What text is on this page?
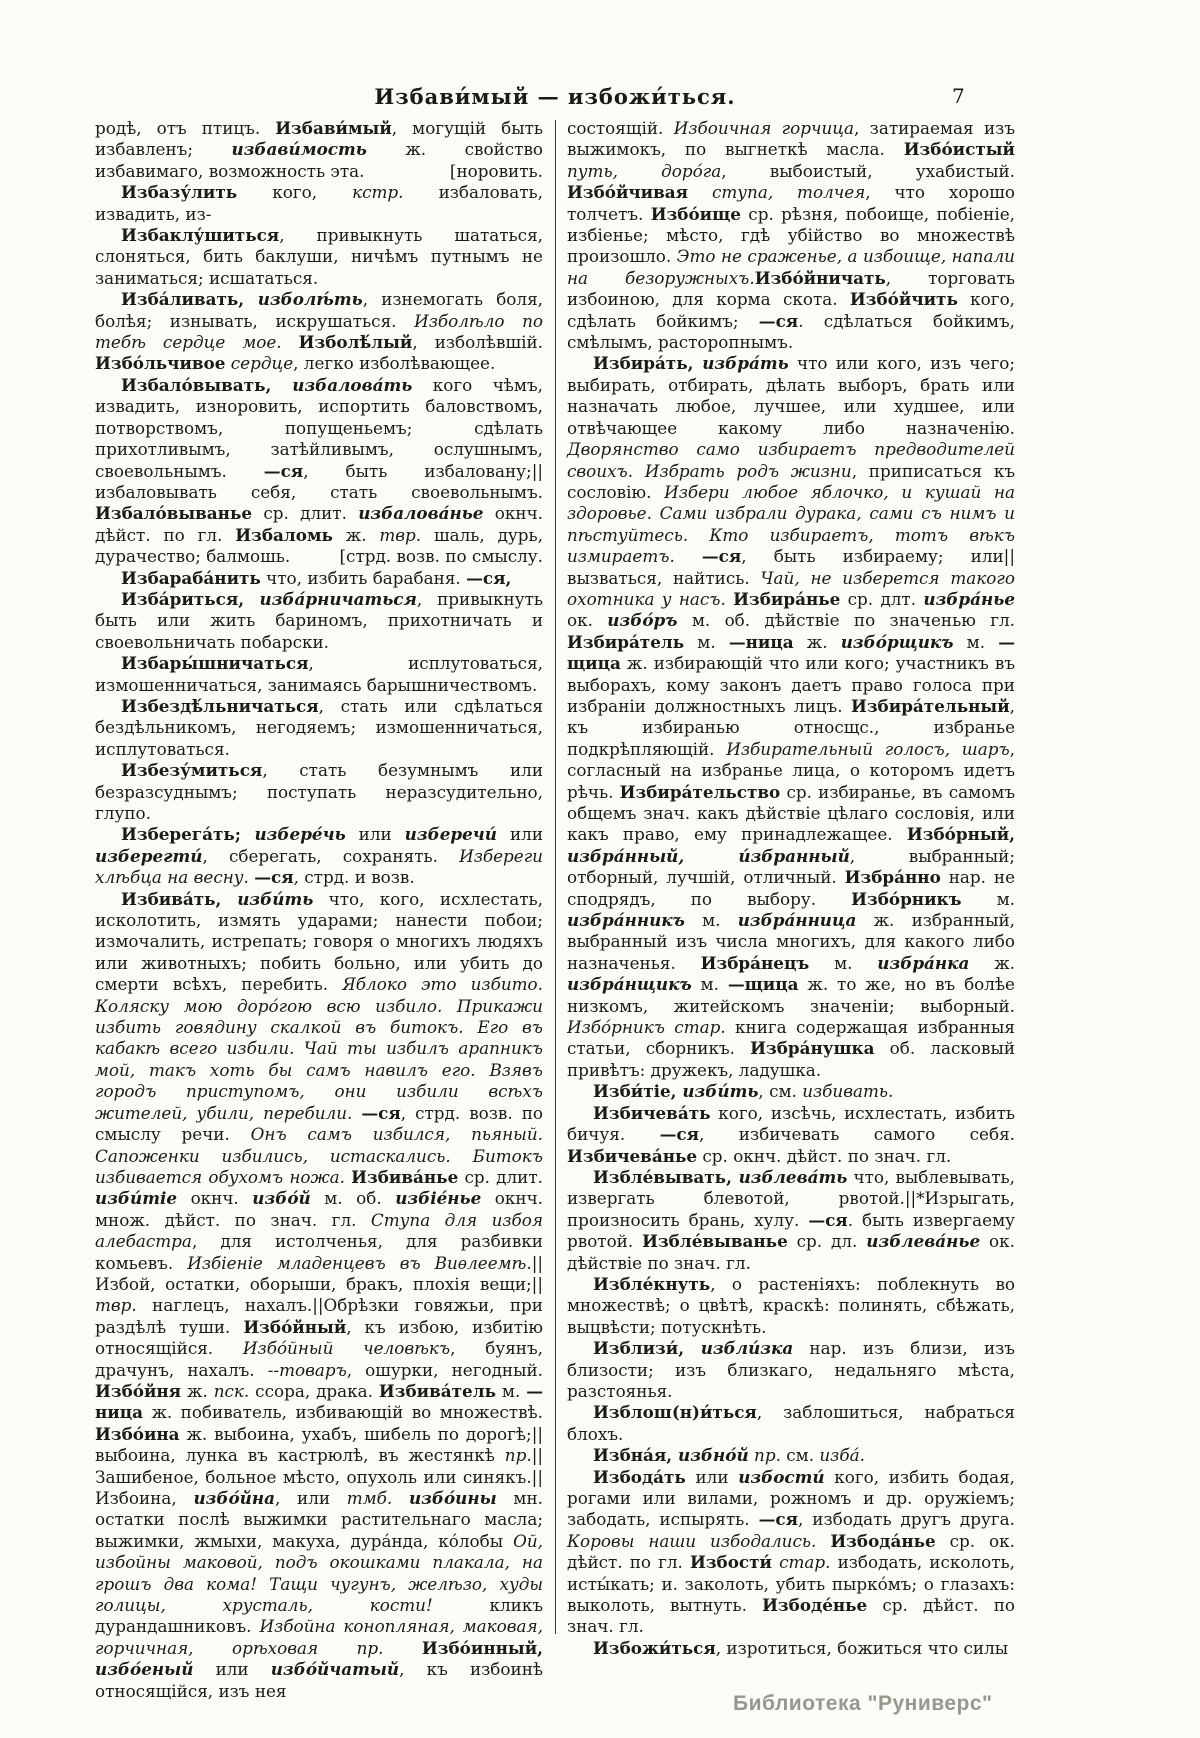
Избави́мый — избожи́ться.	7

родѣ, отъ птицъ. Избави́мый, могущій быть избавленъ; избави́мость ж. свойство избавимаго, возможность эта.	[норовить.

Избазу́лить кого, кстр. избаловать, извадить, из-

Избаклу́шиться, привыкнуть шататься, слоняться, бить баклуши, ничѣмъ путнымъ не заниматься; исшататься.

Изба́ливать, изболѣ́ть, изнемогать боля, болѣя; изнывать, искрушаться. Изболѣло по тебѣ сердце мое. Изболѣ́лый, изболѣвшій. Избо́льчивое сердце, легко изболѣвающее.

Избало́вывать, избалова́ть кого чѣмъ, извадить, изноровить, испортить баловствомъ, потворствомъ, попущеньемъ; сдѣлать прихотливымъ, затѣйливымъ, ослушнымъ, своевольнымъ. —ся, быть избаловану;||избаловывать себя, стать своевольнымъ. Избало́выванье ср. длит. избалова́нье окнч. дѣйст. по гл. Избаломь ж. твр. шаль, дурь, дурачество; балмошь.	[стрд. возв. по смыслу.

Избараба́нить что, избить барабаня. —ся,

Изба́риться, изба́рничаться, привыкнуть быть или жить бариномъ, прихотничать и своевольничать побарски.

Избары́шничаться, исплутоваться, измошенничаться, занимаясь барышничествомъ.

Избездѣ́льничаться, стать или сдѣлаться бездѣльникомъ, негодяемъ; измошенничаться, исплутоваться.

Избезу́миться, стать безумнымъ или безразсуднымъ; поступать неразсудительно, глупо.

Изберега́ть; избере́чь или изберечи́ или изберегти́, сберегать, сохранять. Избереги хлѣбца на весну. —ся, стрд. и возв.

Избива́ть, изби́ть что, кого, исхлестать, исколотить, измять ударами; нанести побои; измочалить, истрепать; говоря о многихъ людяхъ или животныхъ; побить больно, или убить до смерти всѣхъ, перебить. Яблоко это избито. Коляску мою доро́гою всю избило. Прикажи избить говядину скалкой въ битокъ. Его въ кабакѣ всего избили. Чай ты избилъ арапникъ мой, такъ хоть бы самъ навилъ его. Взявъ городъ приступомъ, они избили всѣхъ жителей, убили, перебили. —ся, стрд. возв. по смыслу речи. Онъ самъ избился, пьяный. Сапоженки избились, истаскались. Битокъ избивается обухомъ ножа. Избива́нье ср. длит. изби́тіе окнч. избо́й м. об. избіе́нье окнч. множ. дѣйст. по знач. гл. Ступа для избоя алебастра, для истолченья, для разбивки комьевъ. Избіеніе младенцевъ въ Виѳлеемѣ.||Избой, остатки, оборыши, бракъ, плохія вещи;||твр. наглецъ, нахалъ.||Обрѣзки говяжьи, при раздѣлѣ туши. Избо́йный, къ избою, избитію относящійся. Избо́йный человѣкъ, буянъ, драчунъ, нахалъ. --товаръ, ошурки, негодный. Избо́йня ж. пск. ссора, драка. Избива́тель м. —ница ж. побиватель, избивающій во множествѣ. Избо́ина ж. выбоина, ухабъ, шибель по дорогѣ;||выбоина, лунка въ кастрюлѣ, въ жестянкѣ пр.||Зашибеное, больное мѣсто, опухоль или синякъ.||Избоина, избо́йна, или тмб. избо́ины мн. остатки послѣ выжимки растительнаго масла; выжимки, жмыхи, макуха, дура́нда, ко́лобы Ой, избойны маковой, подъ окошками плакала, на грошъ два кома! Тащи чугунъ, желѣзо, худы голицы, хрусталь, кости! кликъ дурандашниковъ. Избойна конопляная, маковая, горчичная, орѣховая пр. Избо́инный, избо́еный или избо́йчатый, къ избоинѣ относящійся, изъ нея

состоящій. Избоичная горчица, затираемая изъ выжимокъ, по выгнеткѣ масла. Избо́истый путь, доро́га, выбоистый, ухабистый. Избо́йчивая ступа, толчея, что хорошо толчетъ. Избо́ище ср. рѣзня, побоище, побіеніе, избіенье; мѣсто, гдѣ убійство во множествѣ произошло. Это не сраженье, а избоище, напали на безоружныхъ.Избо́йничать, торговать избоиною, для корма скота. Избо́йчить кого, сдѣлать бойкимъ; —ся. сдѣлаться бойкимъ, смѣлымъ, расторопнымъ.

Избира́ть, избра́ть что или кого, изъ чего; выбирать, отбирать, дѣлать выборъ, брать или назначать любое, лучшее, или худшее, или отвѣчающее какому либо назначенію. Дворянство само избираетъ предводителей своихъ. Избрать родъ жизни, приписаться къ сословію. Избери любое яблочко, и кушай на здоровье. Сами избрали дурака, сами съ нимъ и пѣстуйтесь. Кто избираетъ, тотъ вѣкъ измираетъ. —ся, быть избираему; или||вызваться, найтись. Чай, не изберется такого охотника у насъ. Избира́нье ср. длт. избра́нье ок. избо́ръ м. об. дѣйствіе по значенью гл. Избира́тель м. —ница ж. избо́рщикъ м. —щица ж. избирающій что или кого; участникъ въ выборахъ, кому законъ даетъ право голоса при избраніи должностныхъ лицъ. Избира́тельный, къ избиранью относщс., избранье подкрѣпляющій. Избирательный голосъ, шаръ, согласный на избранье лица, о которомъ идетъ рѣчь. Избира́тельство ср. избиранье, въ самомъ общемъ знач. какъ дѣйствіе цѣлаго сословія, или какъ право, ему принадлежащее. Избо́рный, избра́нный, и́збранный, выбранный; отборный, лучшій, отличный. Избра́нно нар. не сподрядъ, по выбору. Избо́рникъ м. избра́нникъ м. избра́нница ж. избранный, выбранный изъ числа многихъ, для какого либо назначенья. Избра́нецъ м. избра́нка ж. избра́нщикъ м. —щица ж. то же, но въ болѣе низкомъ, житейскомъ значеніи; выборный. Избо́рникъ стар. книга содержащая избранныя статьи, сборникъ. Избра́нушка об. ласковый привѣтъ: дружекъ, ладушка.

Изби́тіе, изби́ть, см. избивать.

Избичева́ть кого, изсѣчь, исхлестать, избить бичуя. —ся, избичевать самого себя. Избичева́нье ср. окнч. дѣйст. по знач. гл.

Избле́вывать, изблева́ть что, выблевывать, извергать блевотой, рвотой.||*Изрыгать, произносить брань, хулу. —ся. быть извергаему рвотой. Избле́выванье ср. дл. изблева́нье ок. дѣйствіе по знач. гл.

Избле́кнуть, о растеніяхъ: поблекнуть во множествѣ; о цвѣтѣ, краскѣ: полинять, сбѣжать, выцвѣсти; потускнѣть.

Изблизи́, избли́зка нар. изъ близи, изъ близости; изъ близкаго, недальняго мѣста, разстоянья.

Изблош(н)и́ться, заблошиться, набраться блохъ.

Избна́я, избно́й пр. см. изба́.

Избода́ть или избости́ кого, избить бодая, рогами или вилами, рожномъ и др. оружіемъ; забодать, испырять. —ся, избодать другъ друга. Коровы наши избодались. Избода́нье ср. ок. дѣйст. по гл. Избости́ стар. избодать, исколоть, исты́кать; и. заколоть, убить пырко́мъ; о глазахъ: выколоть, вытнуть. Избоде́нье ср. дѣйст. по знач. гл.

Избожи́ться, изротиться, божиться что силы

Библиотека "Руниверс"
